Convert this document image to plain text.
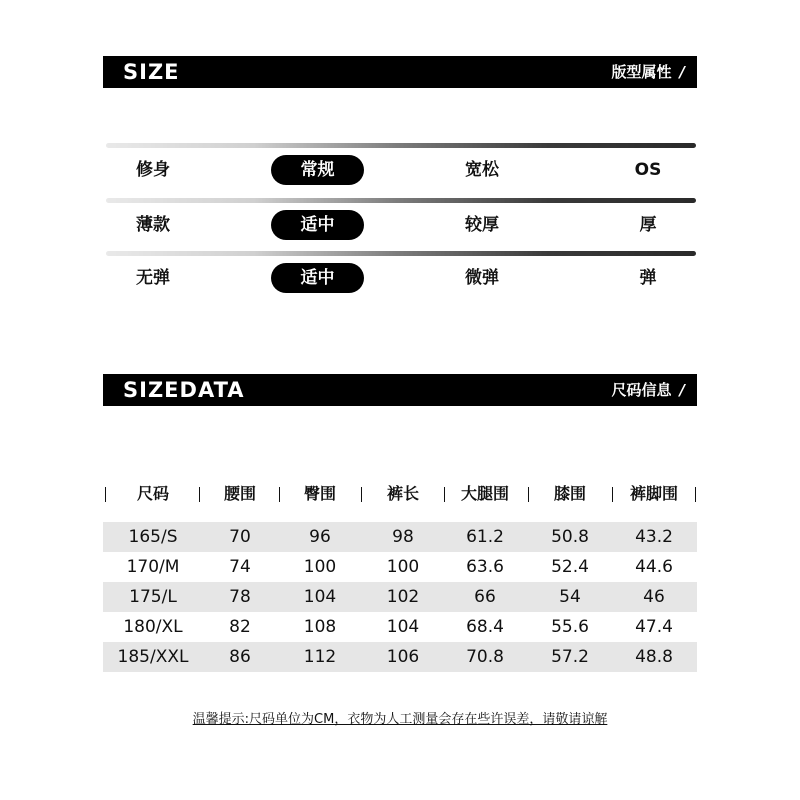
SIZE	版型属性 /
修身	常规	宽松	OS
薄款	适中	较厚	厚
无弹	适中	微弹	弹
SIZEDATA	尺码信息 /
尺码	腰围	臀围	裤长	大腿围	膝围	裤脚围
165/S	70	96	98	61.2	50.8	43.2
170/M	74	100	100	63.6	52.4	44.6
175/L	78	104	102	66	54	46
180/XL	82	108	104	68.4	55.6	47.4
185/XXL	86	112	106	70.8	57.2	48.8
温馨提示:尺码单位为CM，衣物为人工测量会存在些许误差，请敬请谅解
